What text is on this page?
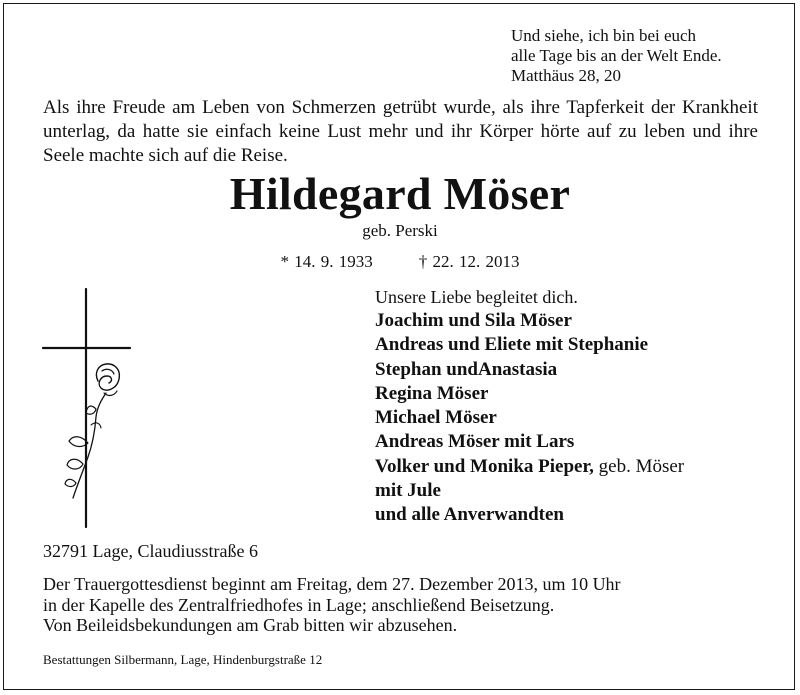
Und siehe, ich bin bei euch
alle Tage bis an der Welt Ende.
Matthäus 28, 20
Als ihre Freude am Leben von Schmerzen getrübt wurde, als ihre Tapferkeit der Krankheit unterlag, da hatte sie einfach keine Lust mehr und ihr Körper hörte auf zu leben und ihre Seele machte sich auf die Reise.
Hildegard Möser
geb. Perski
* 14. 9. 1933	† 22. 12. 2013
Unsere Liebe begleitet dich.
Joachim und Sila Möser
Andreas und Eliete mit Stephanie
Stephan undAnastasia
Regina Möser
Michael Möser
Andreas Möser mit Lars
Volker und Monika Pieper, geb. Möser
mit Jule
und alle Anverwandten
32791 Lage, Claudiusstraße 6
Der Trauergottesdienst beginnt am Freitag, dem 27. Dezember 2013, um 10 Uhr
in der Kapelle des Zentralfriedhofes in Lage; anschließend Beisetzung.
Von Beileidsbekundungen am Grab bitten wir abzusehen.
Bestattungen Silbermann, Lage, Hindenburgstraße 12
